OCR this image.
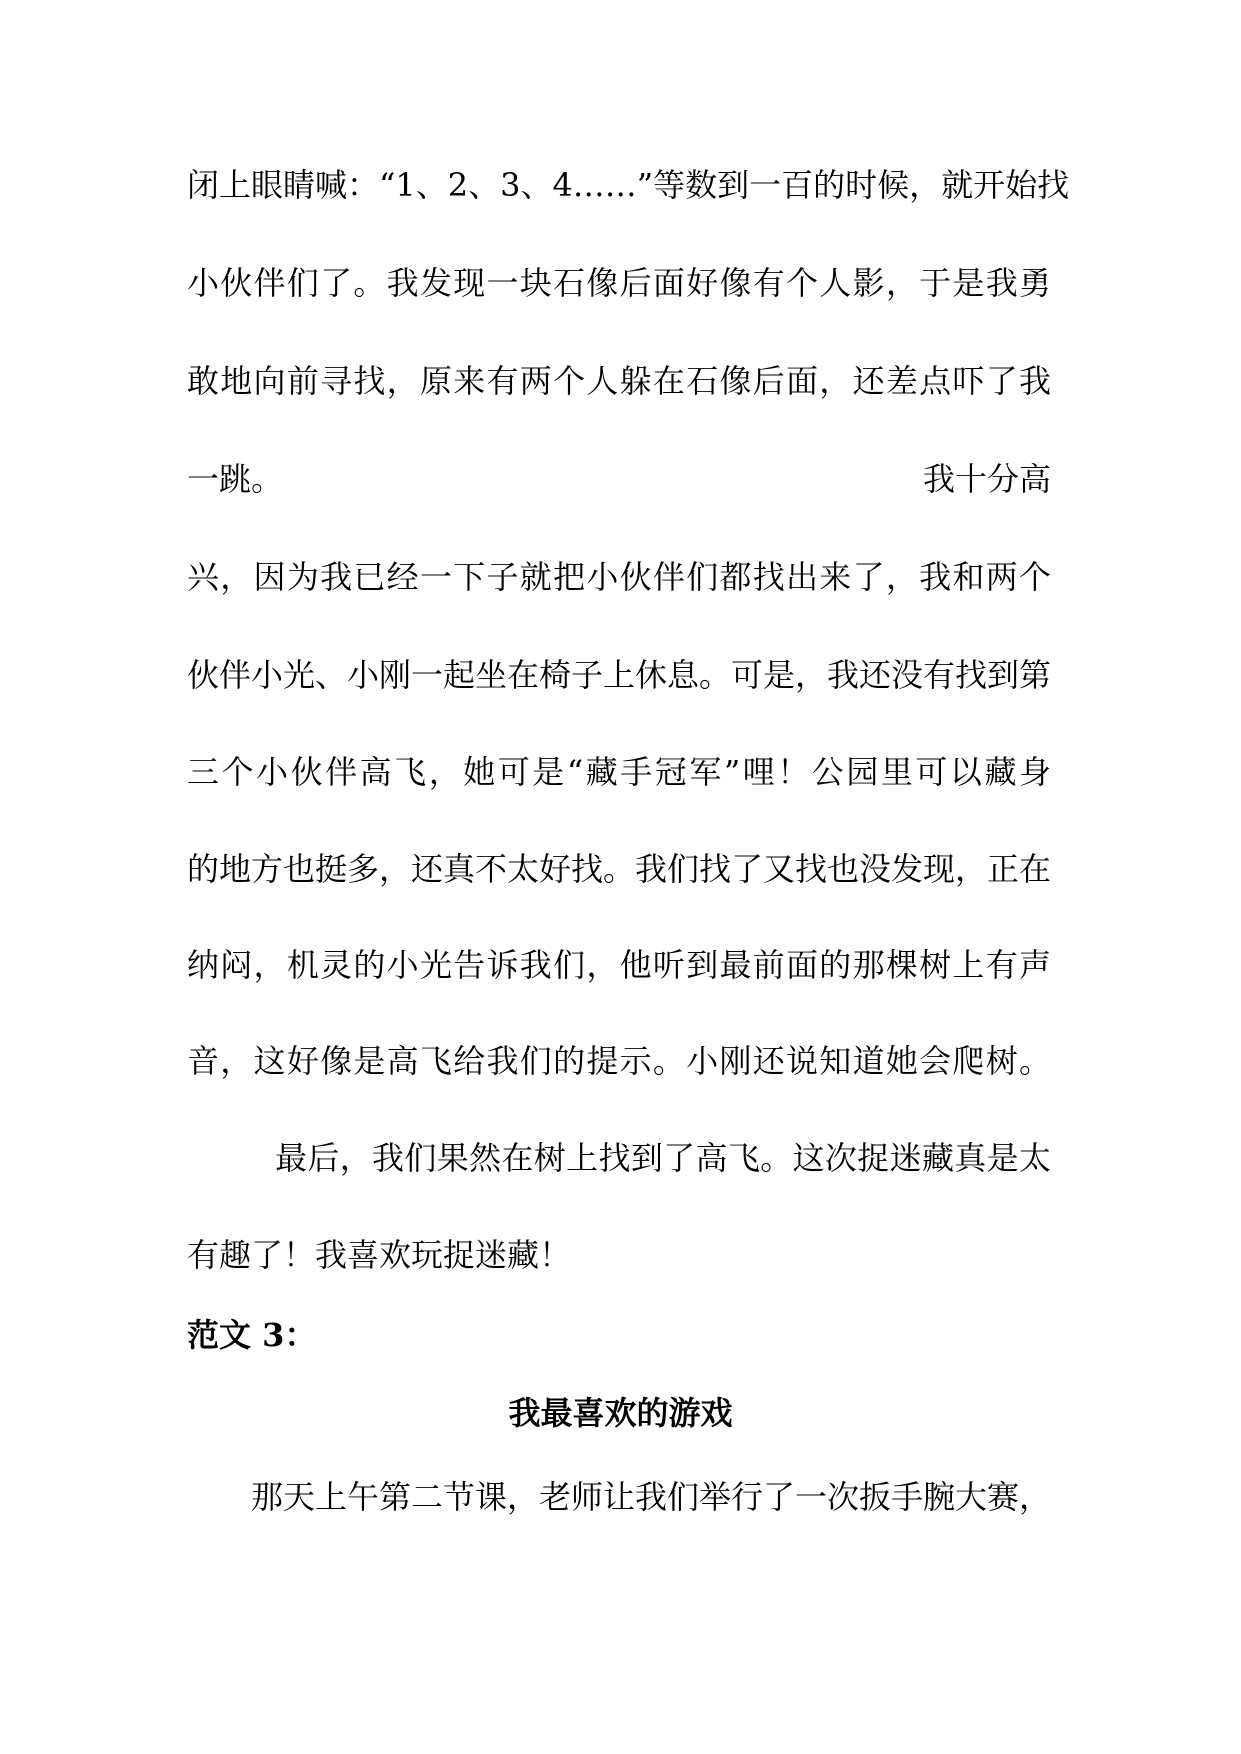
闭上眼睛喊：“1、2、3、4……”等数到一百的时候，就开始找
小伙伴们了。我发现一块石像后面好像有个人影，于是我勇
敢地向前寻找，原来有两个人躲在石像后面，还差点吓了我
一跳。	我十分高
兴，因为我已经一下子就把小伙伴们都找出来了，我和两个
伙伴小光、小刚一起坐在椅子上休息。可是，我还没有找到第
三个小伙伴高飞，她可是“藏手冠军”哩！公园里可以藏身
的地方也挺多，还真不太好找。我们找了又找也没发现，正在
纳闷，机灵的小光告诉我们，他听到最前面的那棵树上有声
音，这好像是高飞给我们的提示。小刚还说知道她会爬树。
最后，我们果然在树上找到了高飞。这次捉迷藏真是太
有趣了！我喜欢玩捉迷藏！
范文 3：
我最喜欢的游戏
那天上午第二节课，老师让我们举行了一次扳手腕大赛，
